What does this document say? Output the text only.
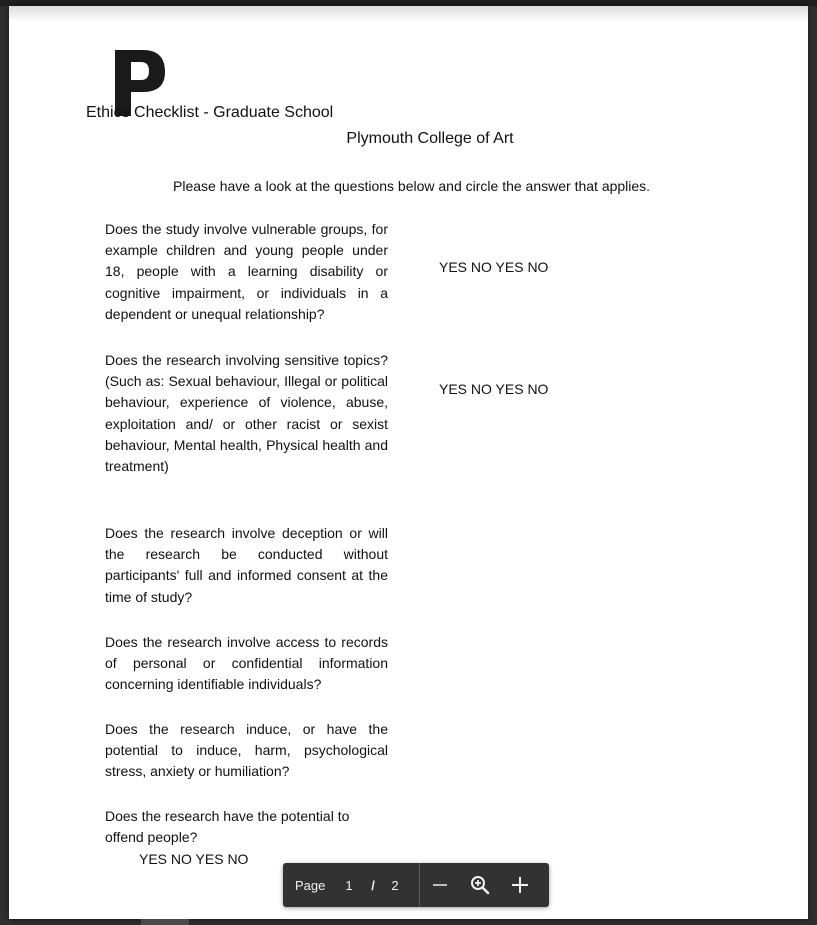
Ethics Checklist - Graduate School
Plymouth College of Art
Please have a look at the questions below and circle the answer that applies.
Does the study involve vulnerable groups, for example children and young people under 18, people with a learning disability or cognitive impairment, or individuals in a dependent or unequal relationship?
YES NO YES NO
Does the research involving sensitive topics? (Such as: Sexual behaviour, Illegal or political behaviour, experience of violence, abuse, exploitation and/ or other racist or sexist behaviour, Mental health, Physical health and treatment)
YES NO YES NO
Does the research involve deception or will the research be conducted without participants' full and informed consent at the time of study?
Does the research involve access to records of personal or confidential information concerning identifiable individuals?
Does the research induce, or have the potential to induce, harm, psychological stress, anxiety or humiliation?
Does the research have the potential to offend people?
YES NO YES NO
Page	1	/	2
